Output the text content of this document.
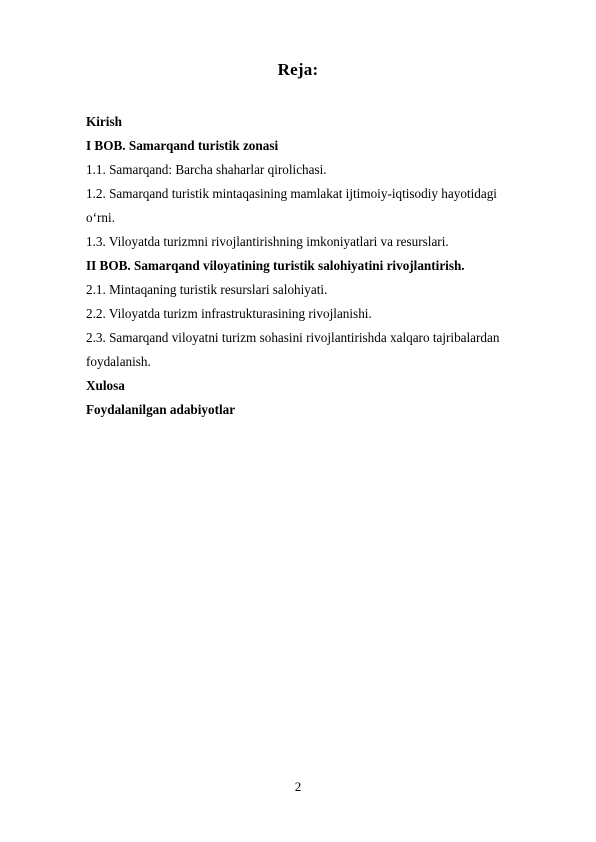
Reja:
Kirish
I BOB. Samarqand turistik zonasi
1.1. Samarqand: Barcha shaharlar qirolichasi.
1.2. Samarqand turistik mintaqasining mamlakat ijtimoiy-iqtisodiy hayotidagi
o‘rni.
1.3. Viloyatda turizmni rivojlantirishning imkoniyatlari va resurslari.
II BOB. Samarqand viloyatining turistik salohiyatini rivojlantirish.
2.1. Mintaqaning turistik resurslari salohiyati.
2.2. Viloyatda turizm infrastrukturasining rivojlanishi.
2.3. Samarqand viloyatni turizm sohasini rivojlantirishda xalqaro tajribalardan
foydalanish.
Xulosa
Foydalanilgan adabiyotlar
2
